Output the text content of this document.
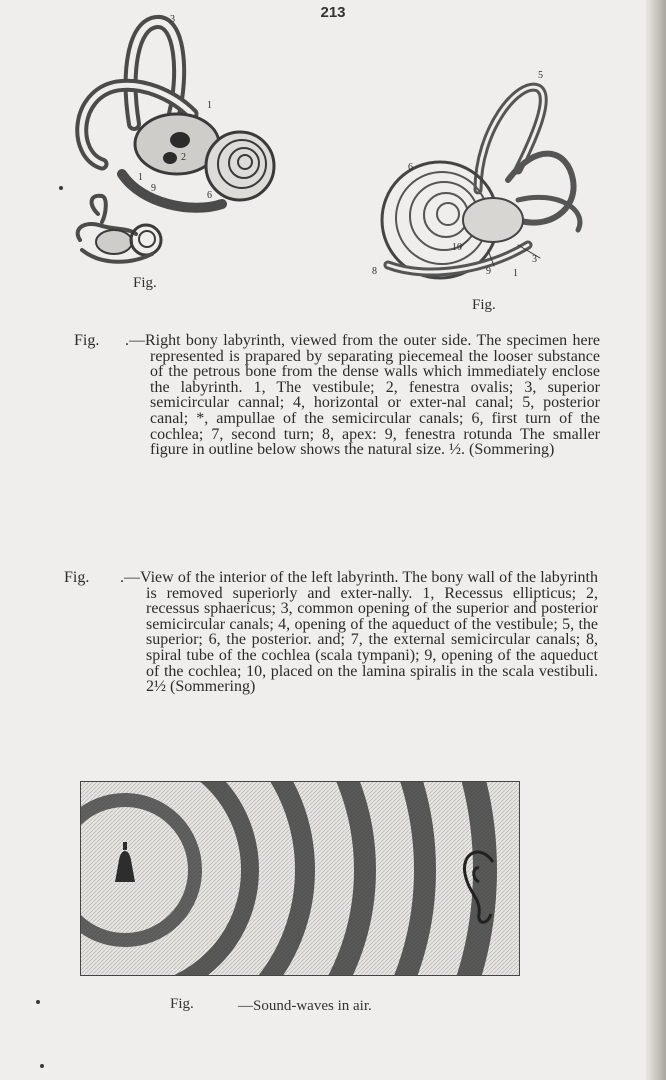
213
3
1
2
1
9
6
Fig.
5
6
10
8	9
3
1
Fig.
Fig. .—Right bony labyrinth, viewed from the outer side. The specimen here represented is prapared by separating piecemeal the looser substance of the petrous bone from the dense walls which immediately enclose the labyrinth. 1, The vestibule; 2, fenestra ovalis; 3, superior semicircular cannal; 4, horizontal or exter-nal canal; 5, posterior canal; *, ampullae of the semicircular canals; 6, first turn of the cochlea; 7, second turn; 8, apex: 9, fenestra rotunda The smaller figure in outline below shows the natural size. ½. (Sommering)
Fig. .—View of the interior of the left labyrinth. The bony wall of the labyrinth is removed superiorly and exter-nally. 1, Recessus ellipticus; 2, recessus sphaericus; 3, common opening of the superior and posterior semicircular canals; 4, opening of the aqueduct of the vestibule; 5, the superior; 6, the posterior. and; 7, the external semicircular canals; 8, spiral tube of the cochlea (scala tympani); 9, opening of the aqueduct of the cochlea; 10, placed on the lamina spiralis in the scala vestibuli. 2½ (Sommering)
Fig.	—Sound-waves in air.
